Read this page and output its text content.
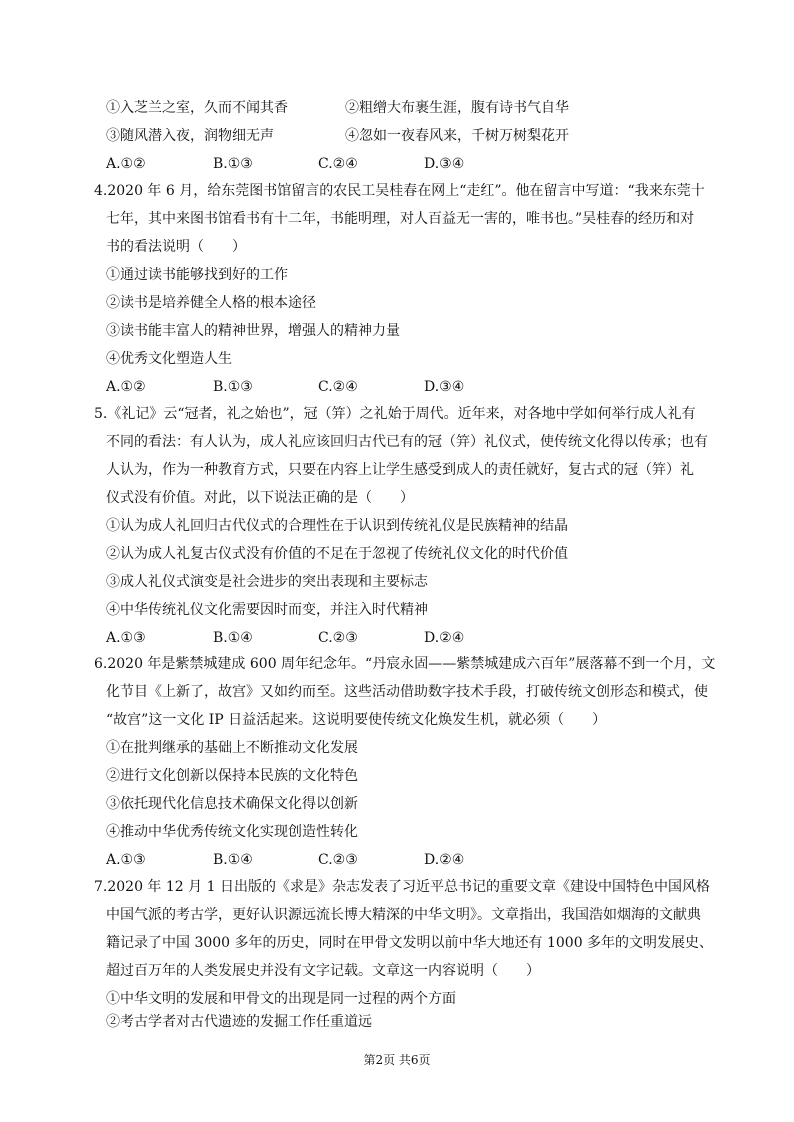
①入芝兰之室，久而不闻其香	②粗缯大布裹生涯，腹有诗书气自华
③随风潜入夜，润物细无声	④忽如一夜春风来，千树万树梨花开
A.①②	B.①③	C.②④	D.③④
4.2020 年 6 月，给东莞图书馆留言的农民工吴桂春在网上“走红”。他在留言中写道：“我来东莞十
七年，其中来图书馆看书有十二年，书能明理，对人百益无一害的，唯书也。”吴桂春的经历和对
书的看法说明（　　）
①通过读书能够找到好的工作
②读书是培养健全人格的根本途径
③读书能丰富人的精神世界，增强人的精神力量
④优秀文化塑造人生
A.①②	B.①③	C.②④	D.③④
5.《礼记》云“冠者，礼之始也”，冠（笄）之礼始于周代。近年来，对各地中学如何举行成人礼有
不同的看法：有人认为，成人礼应该回归古代已有的冠（笄）礼仪式，使传统文化得以传承；也有
人认为，作为一种教育方式，只要在内容上让学生感受到成人的责任就好，复古式的冠（笄）礼
仪式没有价值。对此，以下说法正确的是（　　）
①认为成人礼回归古代仪式的合理性在于认识到传统礼仪是民族精神的结晶
②认为成人礼复古仪式没有价值的不足在于忽视了传统礼仪文化的时代价值
③成人礼仪式演变是社会进步的突出表现和主要标志
④中华传统礼仪文化需要因时而变，并注入时代精神
A.①③	B.①④	C.②③	D.②④
6.2020 年是紫禁城建成 600 周年纪念年。“丹宸永固——紫禁城建成六百年”展落幕不到一个月，文
化节目《上新了，故宫》又如约而至。这些活动借助数字技术手段，打破传统文创形态和模式，使
“故宫”这一文化 IP 日益活起来。这说明要使传统文化焕发生机，就必须（　　）
①在批判继承的基础上不断推动文化发展
②进行文化创新以保持本民族的文化特色
③依托现代化信息技术确保文化得以创新
④推动中华优秀传统文化实现创造性转化
A.①③	B.①④	C.②③	D.②④
7.2020 年 12 月 1 日出版的《求是》杂志发表了习近平总书记的重要文章《建设中国特色中国风格
中国气派的考古学，更好认识源远流长博大精深的中华文明》。文章指出，我国浩如烟海的文献典
籍记录了中国 3000 多年的历史，同时在甲骨文发明以前中华大地还有 1000 多年的文明发展史、
超过百万年的人类发展史并没有文字记载。文章这一内容说明（　　）
①中华文明的发展和甲骨文的出现是同一过程的两个方面
②考古学者对古代遗迹的发掘工作任重道远
第2页 共6页
